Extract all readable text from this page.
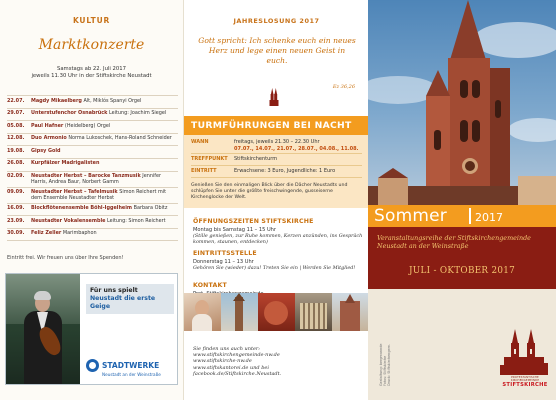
KULTUR
Marktkonzerte
Samstags ab 22. Juli 2017
jeweils 11.30 Uhr in der Stiftskirche Neustadt
22.07.	Magdy Mikaelberg Alt, Miklós Spanyi Orgel
29.07.	Unterstufenchor Osnabrück Leitung: Joachim Siegel
05.08.	Paul Hafner (Heidelberg) Orgel
12.08.	Duo Armonio Norma Lukoschek, Hans-Roland Schneider
19.08.	Gipsy Gold
26.08.	Kurpfälzer Madrigalisten
02.09.	Neustadter Herbst – Barocke Tanzmusik Jennifer Harris, Andrea Baur, Norbert Gamm
09.09.	Neustadter Herbst – Tafelmusik Simon Reichert mit dem Ensemble Neustadter Herbst
16.09.	Blockflötenensemble Böhl-Iggelheim Barbara Obitz
23.09.	Neustadter Vokalensemble Leitung: Simon Reichert
30.09.	Feliz Zeller Marimbaphon
Eintritt frei. Wir freuen uns über Ihre Spenden!
Für uns spielt
Neustadt die erste Geige
STADTWERKE
Neustadt an der Weinstraße
JAHRESLOSUNG 2017
Gott spricht: Ich schenke euch ein neues Herz und lege einen neuen Geist in euch.
Ez 36,26
TURMFÜHRUNGEN BEI NACHT
WANN	freitags, jeweils 21.30 – 22.30 Uhr
07.07., 14.07., 21.07., 28.07., 04.08., 11.08.
TREFFPUNKT	Stiftskirchenturm
EINTRITT	Erwachsene: 3 Euro, Jugendliche: 1 Euro
Genießen Sie den einmaligen Blick über die Dächer Neustadts und schlüpfen Sie unter die größte freischwingende, gusseiserne Kirchenglocke der Welt.
ÖFFNUNGSZEITEN STIFTSKIRCHE

Montag bis Samstag 11 – 15 Uhr

(Stille genießen, zur Ruhe kommen, Kerzen anzünden, ins Gespräch kommen, staunen, entdecken)

EINTRITTSSTELLE

Donnerstag 11 – 13 Uhr

Gehören Sie (wieder) dazu! Treten Sie ein | Werden Sie Mitglied!

KONTAKT

Sie finden uns auch unter:
www.stiftskirchengemeinde-nw.de
www.stiftskirche-nw.de
www.stiftskantorei.de und bei
facebook.de/Stiftskirche.Neustadt.
Sommer	2017
Veranstaltungsreihe der Stiftskirchengemeinde
Neustadt an der Weinstraße
JULI - OKTOBER 2017
Gestaltung: bergmannde Fotos: Stiftskirche Druck: Stiftskirchengem.	PROTESTANTISCHE KIRCHENGEMEINDE
STIFTSKIRCHE
